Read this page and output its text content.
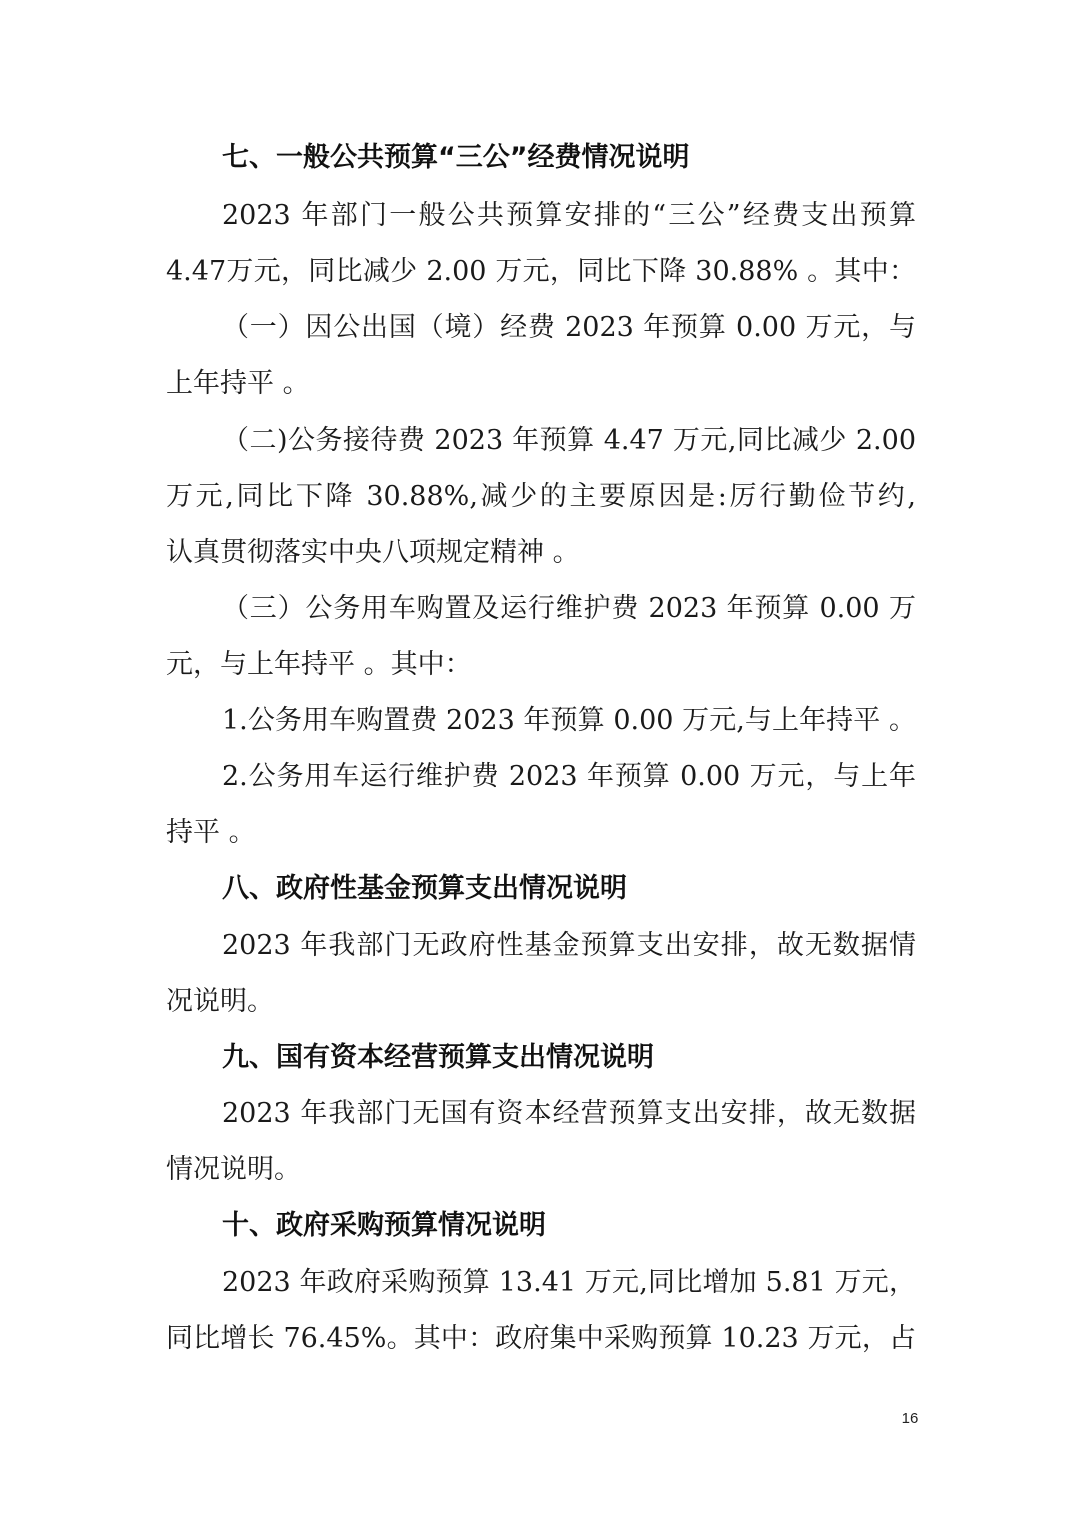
七、一般公共预算“三公”经费情况说明
2023 年部门一般公共预算安排的“三公”经费支出预算
4.47万元，同比减少 2.00 万元，同比下降 30.88% 。其中：
（一）因公出国（境）经费 2023 年预算 0.00 万元，与
上年持平 。
（二)公务接待费 2023 年预算 4.47 万元,同比减少 2.00
万元,同比下降 30.88%,减少的主要原因是:厉行勤俭节约,
认真贯彻落实中央八项规定精神 。
（三）公务用车购置及运行维护费 2023 年预算 0.00 万
元，与上年持平 。其中：
1.公务用车购置费 2023 年预算 0.00 万元,与上年持平 。
2.公务用车运行维护费 2023 年预算 0.00 万元，与上年
持平 。
八、政府性基金预算支出情况说明
2023 年我部门无政府性基金预算支出安排，故无数据情
况说明。
九、国有资本经营预算支出情况说明
2023 年我部门无国有资本经营预算支出安排，故无数据
情况说明。
十、政府采购预算情况说明
2023 年政府采购预算 13.41 万元,同比增加 5.81 万元，
同比增长 76.45%。其中：政府集中采购预算 10.23 万元，占
16
